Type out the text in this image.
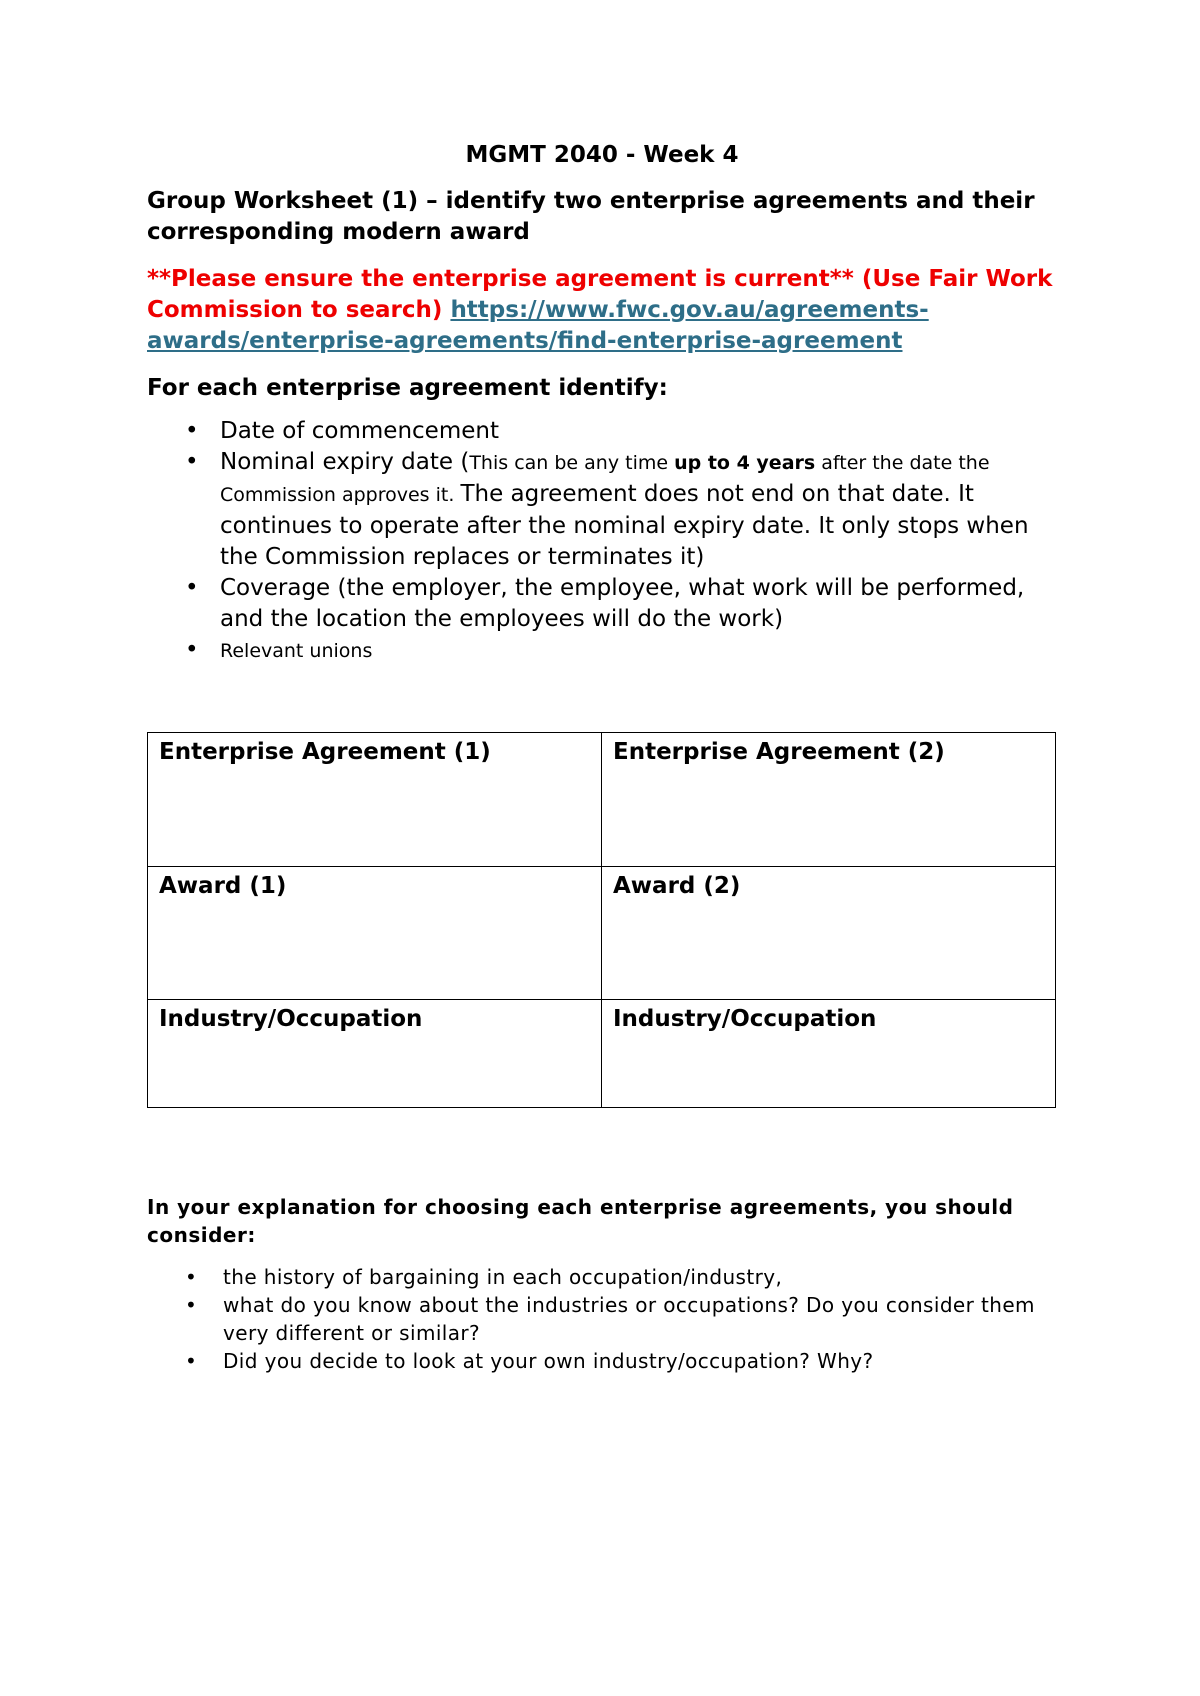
MGMT 2040 - Week 4
Group Worksheet (1) – identify two enterprise agreements and their corresponding modern award
**Please ensure the enterprise agreement is current** (Use Fair Work Commission to search) https://www.fwc.gov.au/agreements-awards/enterprise-agreements/find-enterprise-agreement
For each enterprise agreement identify:
• Date of commencement
• Nominal expiry date (This can be any time up to 4 years after the date the Commission approves it. The agreement does not end on that date. It continues to operate after the nominal expiry date. It only stops when the Commission replaces or terminates it)
• Coverage (the employer, the employee, what work will be performed, and the location the employees will do the work)
• Relevant unions
Enterprise Agreement (1)	Enterprise Agreement (2)
Award (1)	Award (2)
Industry/Occupation	Industry/Occupation
In your explanation for choosing each enterprise agreements, you should consider:
• the history of bargaining in each occupation/industry,
• what do you know about the industries or occupations? Do you consider them very different or similar?
• Did you decide to look at your own industry/occupation? Why?
